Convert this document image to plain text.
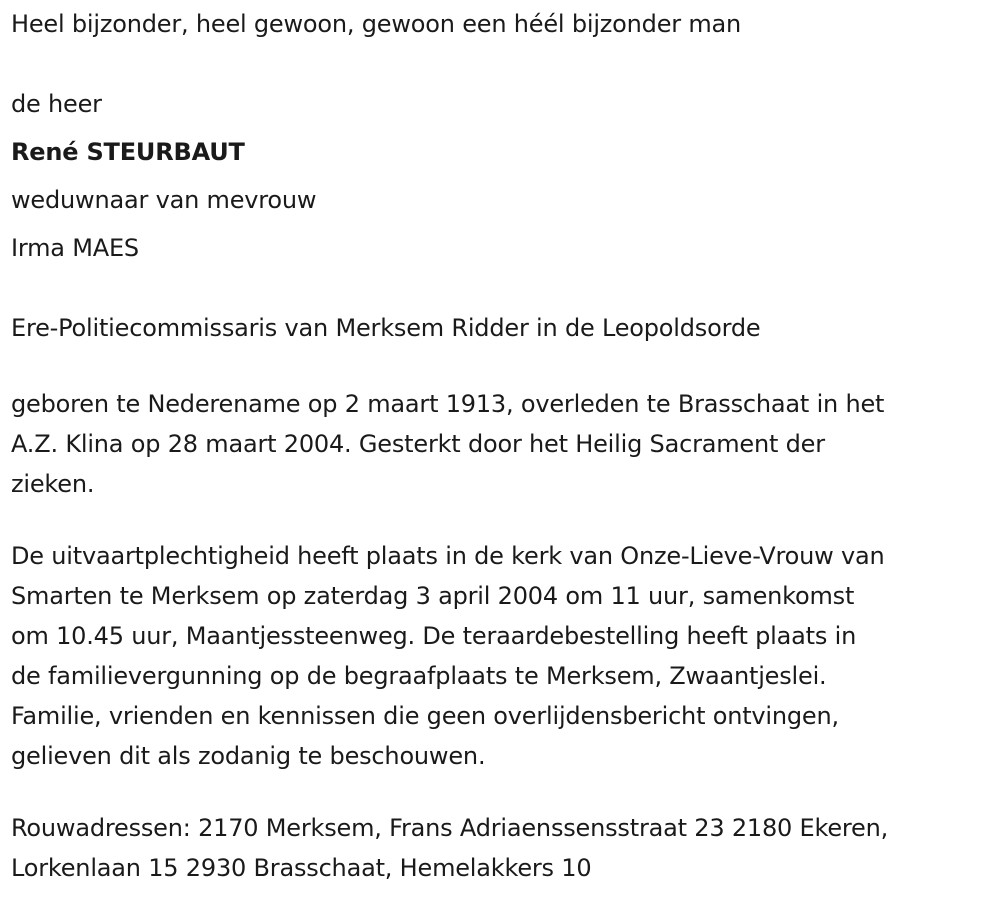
Heel bijzonder, heel gewoon, gewoon een héél bijzonder man
de heer
René STEURBAUT
weduwnaar van mevrouw
Irma MAES
Ere-Politiecommissaris van Merksem Ridder in de Leopoldsorde
geboren te Nederename op 2 maart 1913, overleden te Brasschaat in het
A.Z. Klina op 28 maart 2004. Gesterkt door het Heilig Sacrament der
zieken.
De uitvaartplechtigheid heeft plaats in de kerk van Onze-Lieve-Vrouw van
Smarten te Merksem op zaterdag 3 april 2004 om 11 uur, samenkomst
om 10.45 uur, Maantjessteenweg. De teraardebestelling heeft plaats in
de familievergunning op de begraafplaats te Merksem, Zwaantjeslei.
Familie, vrienden en kennissen die geen overlijdensbericht ontvingen,
gelieven dit als zodanig te beschouwen.
Rouwadressen: 2170 Merksem, Frans Adriaenssensstraat 23 2180 Ekeren,
Lorkenlaan 15 2930 Brasschaat, Hemelakkers 10
